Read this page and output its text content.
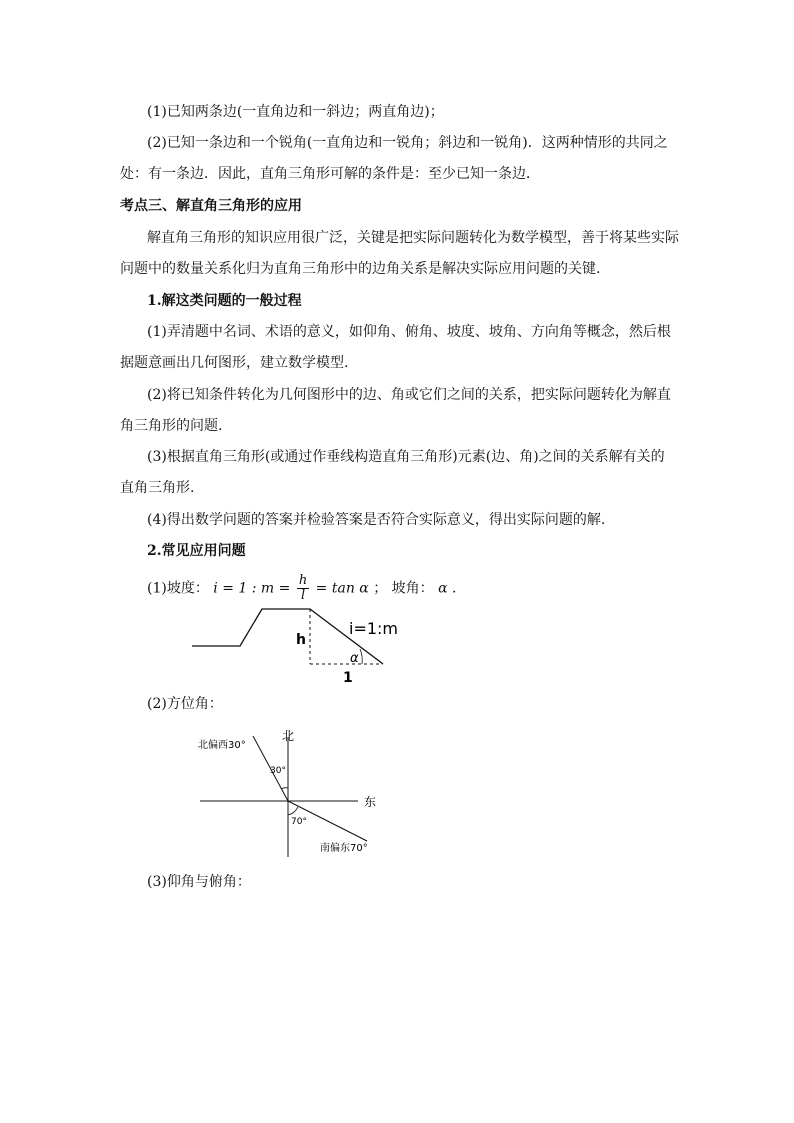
(1)已知两条边(一直角边和一斜边；两直角边)；
(2)已知一条边和一个锐角(一直角边和一锐角；斜边和一锐角)．这两种情形的共同之
处：有一条边．因此，直角三角形可解的条件是：至少已知一条边．
考点三、解直角三角形的应用
解直角三角形的知识应用很广泛，关键是把实际问题转化为数学模型，善于将某些实际
问题中的数量关系化归为直角三角形中的边角关系是解决实际应用问题的关键.
1.解这类问题的一般过程
(1)弄清题中名词、术语的意义，如仰角、俯角、坡度、坡角、方向角等概念，然后根
据题意画出几何图形，建立数学模型.
(2)将已知条件转化为几何图形中的边、角或它们之间的关系，把实际问题转化为解直
角三角形的问题.
(3)根据直角三角形(或通过作垂线构造直角三角形)元素(边、角)之间的关系解有关的
直角三角形.
(4)得出数学问题的答案并检验答案是否符合实际意义，得出实际问题的解.
2.常见应用问题
(1)坡度： i = 1 : $m = \frac{h}{l} = \tan \alpha$ ； 坡角： α .
i=1:m
h
1
α
(2)方位角：
北
东
北偏西30°
30°
70°
南偏东70°
(3)仰角与俯角：
